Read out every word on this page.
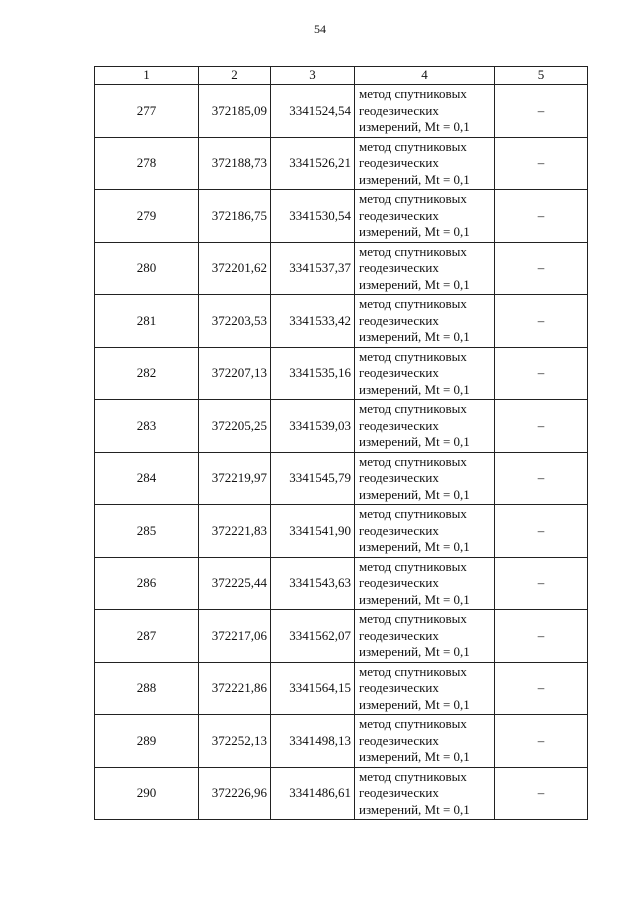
54
1	2	3	4	5
277	372185,09	3341524,54	метод спутниковых
геодезических
измерений, Mt = 0,1	–
278	372188,73	3341526,21	метод спутниковых
геодезических
измерений, Mt = 0,1	–
279	372186,75	3341530,54	метод спутниковых
геодезических
измерений, Mt = 0,1	–
280	372201,62	3341537,37	метод спутниковых
геодезических
измерений, Mt = 0,1	–
281	372203,53	3341533,42	метод спутниковых
геодезических
измерений, Mt = 0,1	–
282	372207,13	3341535,16	метод спутниковых
геодезических
измерений, Mt = 0,1	–
283	372205,25	3341539,03	метод спутниковых
геодезических
измерений, Mt = 0,1	–
284	372219,97	3341545,79	метод спутниковых
геодезических
измерений, Mt = 0,1	–
285	372221,83	3341541,90	метод спутниковых
геодезических
измерений, Mt = 0,1	–
286	372225,44	3341543,63	метод спутниковых
геодезических
измерений, Mt = 0,1	–
287	372217,06	3341562,07	метод спутниковых
геодезических
измерений, Mt = 0,1	–
288	372221,86	3341564,15	метод спутниковых
геодезических
измерений, Mt = 0,1	–
289	372252,13	3341498,13	метод спутниковых
геодезических
измерений, Mt = 0,1	–
290	372226,96	3341486,61	метод спутниковых
геодезических
измерений, Mt = 0,1	–
